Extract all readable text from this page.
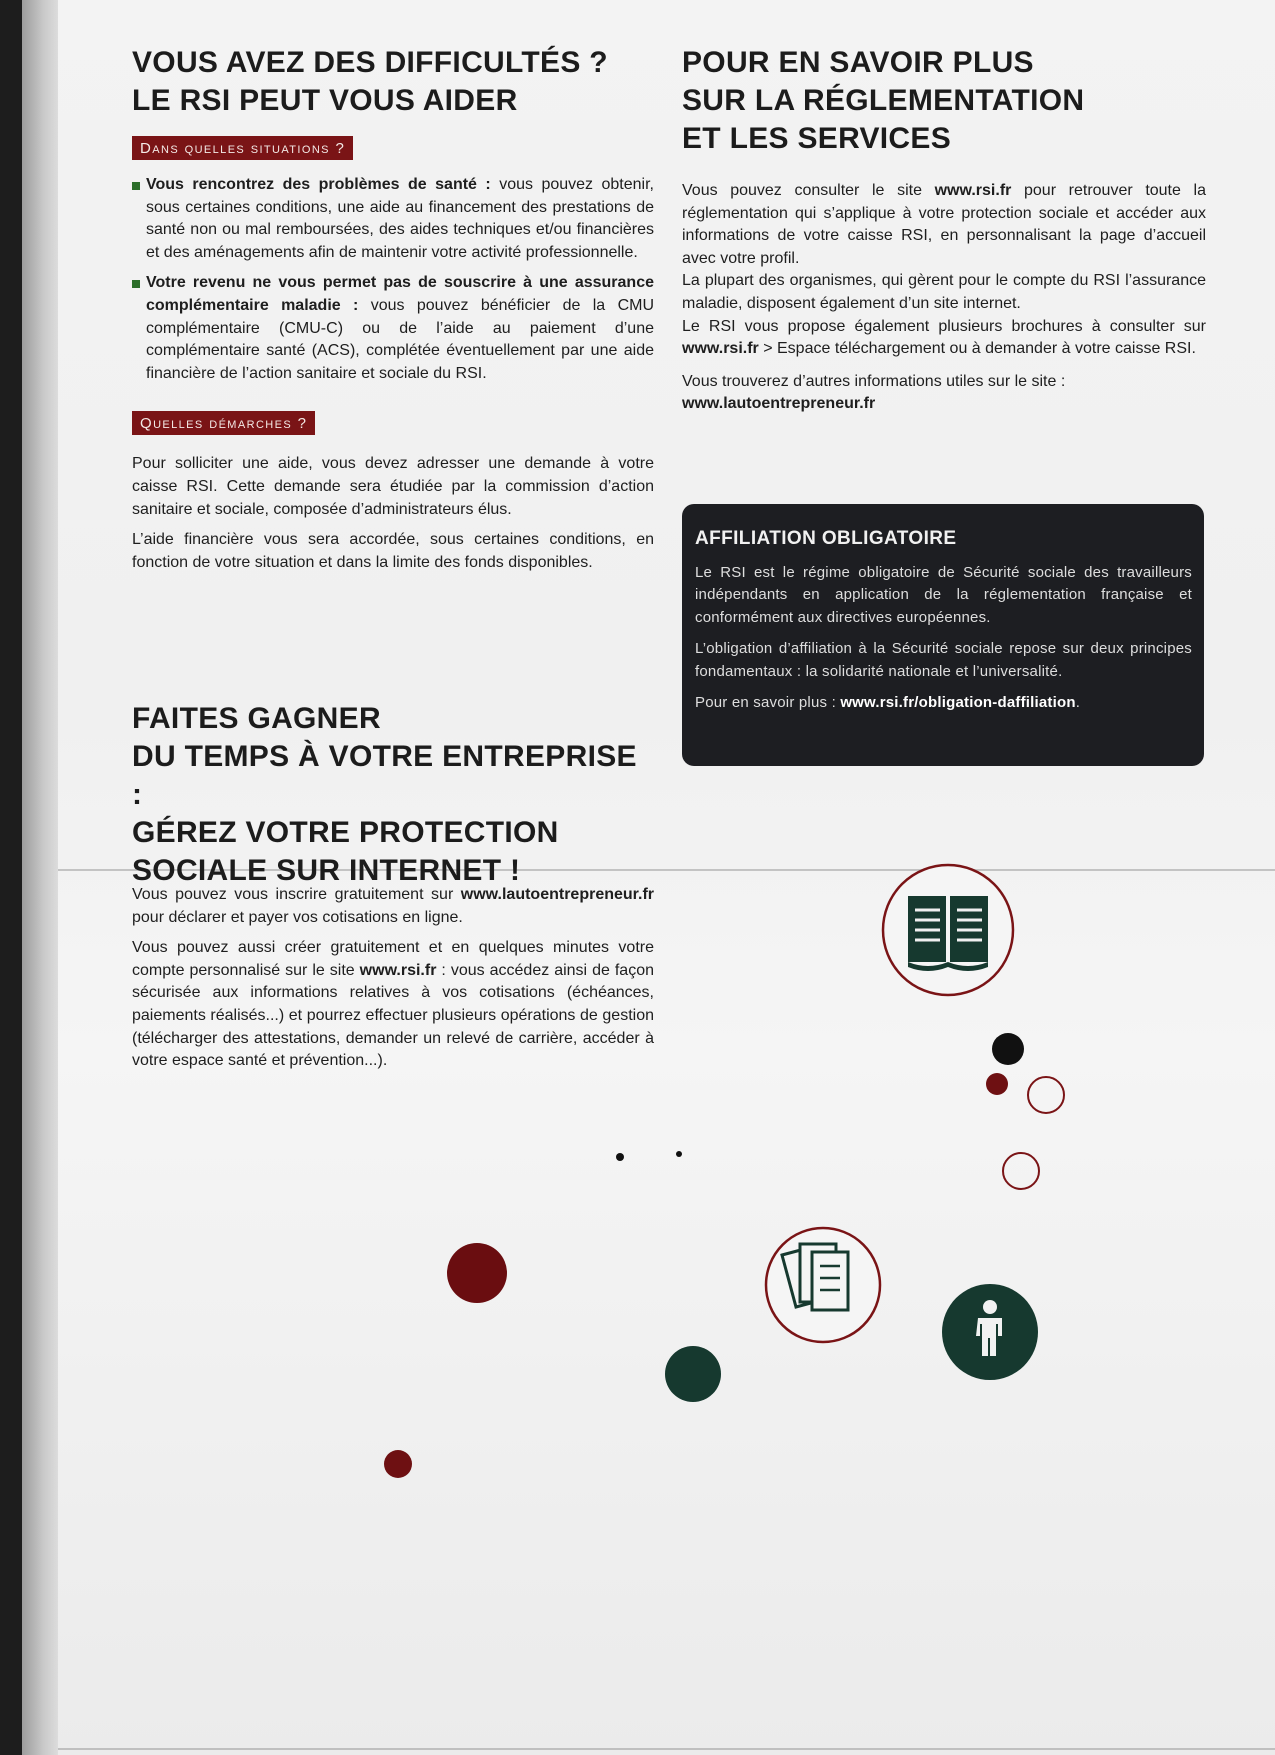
VOUS AVEZ DES DIFFICULTÉS ?
LE RSI PEUT VOUS AIDER
Dans quelles situations ?
Vous rencontrez des problèmes de santé : vous pouvez obtenir, sous certaines conditions, une aide au financement des prestations de santé non ou mal remboursées, des aides techniques et/ou financières et des aménagements afin de maintenir votre activité professionnelle.
Votre revenu ne vous permet pas de souscrire à une assurance complémentaire maladie : vous pouvez bénéficier de la CMU complémentaire (CMU-C) ou de l’aide au paiement d’une complémentaire santé (ACS), complétée éventuellement par une aide financière de l’action sanitaire et sociale du RSI.
Quelles démarches ?

Pour solliciter une aide, vous devez adresser une demande à votre caisse RSI. Cette demande sera étudiée par la commission d’action sanitaire et sociale, composée d’administrateurs élus.

L’aide financière vous sera accordée, sous certaines conditions, en fonction de votre situation et dans la limite des fonds disponibles.

FAITES GAGNER
DU TEMPS À VOTRE ENTREPRISE :
GÉREZ VOTRE PROTECTION
SOCIALE SUR INTERNET !

Vous pouvez vous inscrire gratuitement sur www.lautoentrepreneur.fr pour déclarer et payer vos cotisations en ligne.

Vous pouvez aussi créer gratuitement et en quelques minutes votre compte personnalisé sur le site www.rsi.fr : vous accédez ainsi de façon sécurisée aux informations relatives à vos cotisations (échéances, paiements réalisés...) et pourrez effectuer plusieurs opérations de gestion (télécharger des attestations, demander un relevé de carrière, accéder à votre espace santé et prévention...).

POUR EN SAVOIR PLUS
SUR LA RÉGLEMENTATION
ET LES SERVICES

Vous pouvez consulter le site www.rsi.fr pour retrouver toute la réglementation qui s’applique à votre protection sociale et accéder aux informations de votre caisse RSI, en personnalisant la page d’accueil avec votre profil.

La plupart des organismes, qui gèrent pour le compte du RSI l’assurance maladie, disposent également d’un site internet.

Le RSI vous propose également plusieurs brochures à consulter sur www.rsi.fr > Espace téléchargement ou à demander à votre caisse RSI.

Vous trouverez d’autres informations utiles sur le site :
www.lautoentrepreneur.fr

AFFILIATION OBLIGATOIRE

Le RSI est le régime obligatoire de Sécurité sociale des travailleurs indépendants en application de la réglementation française et conformément aux directives européennes.

L’obligation d’affiliation à la Sécurité sociale repose sur deux principes fondamentaux : la solidarité nationale et l’universalité.

Pour en savoir plus : www.rsi.fr/obligation-daffiliation.
